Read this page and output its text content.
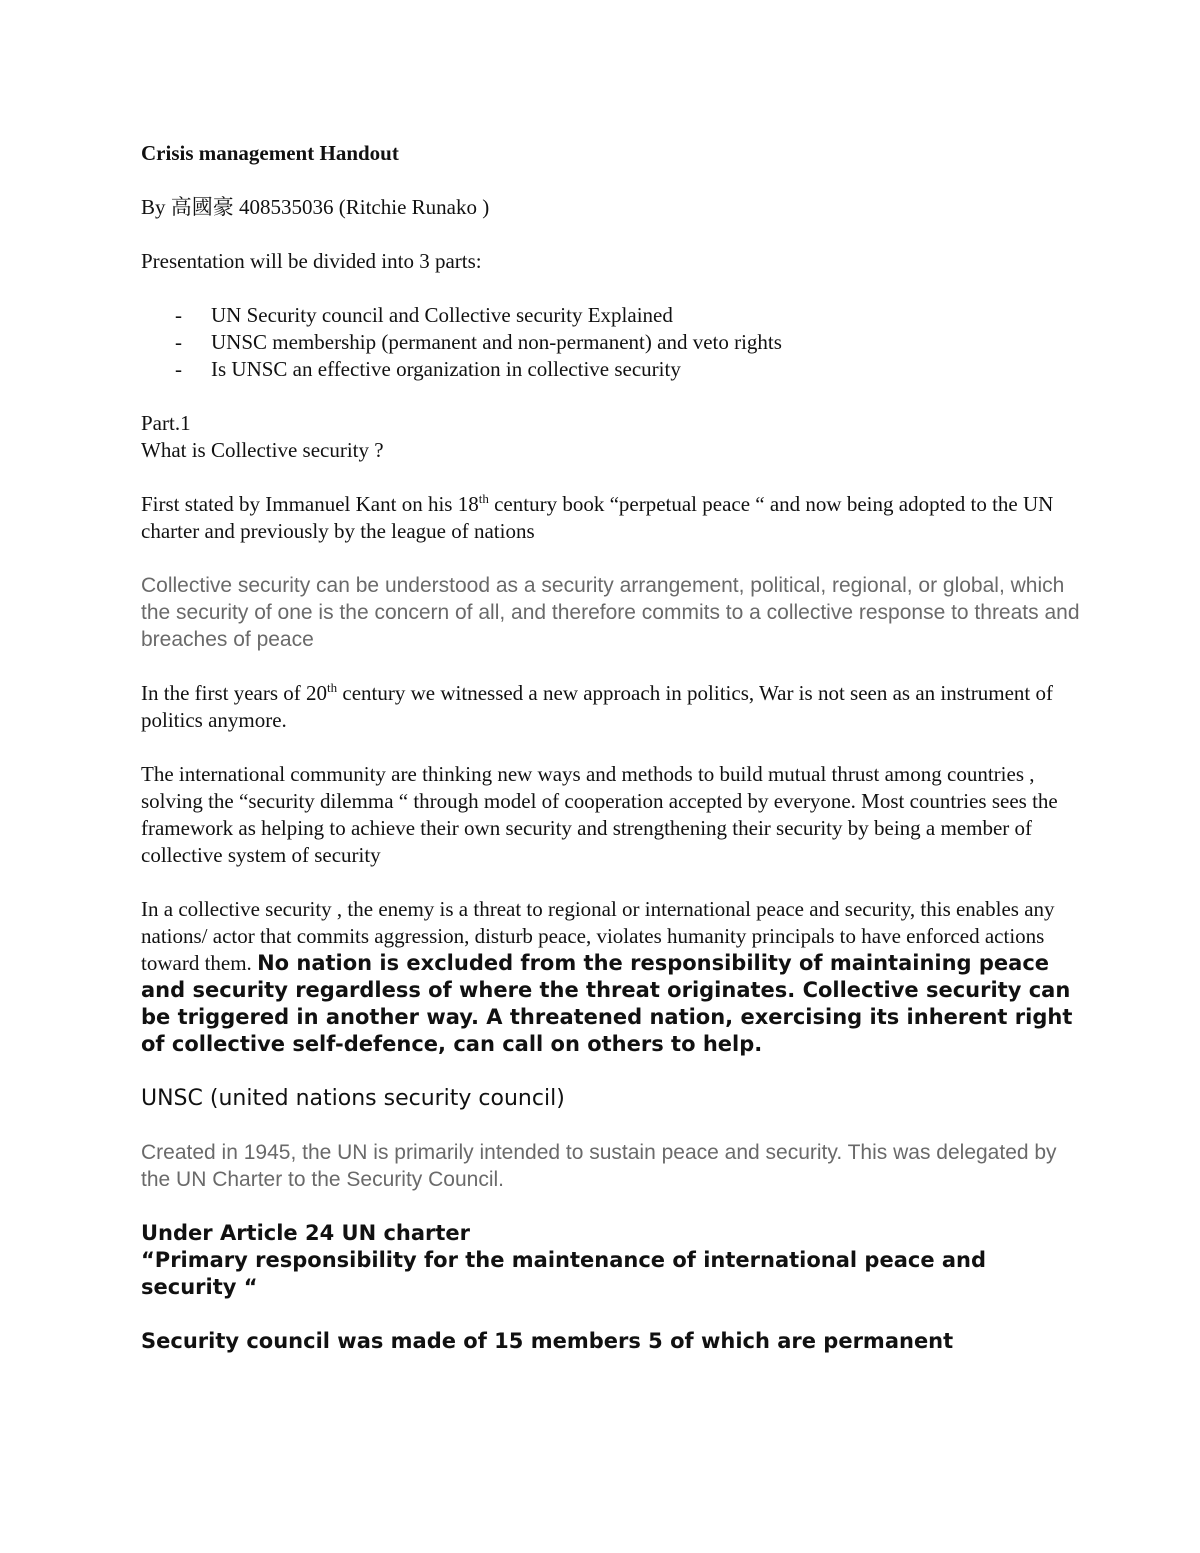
Crisis management Handout

By 高國豪 408535036 (Ritchie Runako )

Presentation will be divided into 3 parts:

- UN Security council and Collective security Explained
- UNSC membership (permanent and non-permanent) and veto rights
- Is UNSC an effective organization in collective security

Part.1

What is Collective security ?

First stated by Immanuel Kant on his 18th century book “perpetual peace “ and now being adopted to the UN charter and previously by the league of nations

Collective security can be understood as a security arrangement, political, regional, or global, which the security of one is the concern of all, and therefore commits to a collective response to threats and breaches of peace

In the first years of 20th century we witnessed a new approach in politics, War is not seen as an instrument of politics anymore.

The international community are thinking new ways and methods to build mutual thrust among countries , solving the “security dilemma “ through model of cooperation accepted by everyone. Most countries sees the framework as helping to achieve their own security and strengthening their security by being a member of collective system of security

In a collective security , the enemy is a threat to regional or international peace and security, this enables any nations/ actor that commits aggression, disturb peace, violates humanity principals to have enforced actions toward them. No nation is excluded from the responsibility of maintaining peace and security regardless of where the threat originates. Collective security can be triggered in another way. A threatened nation, exercising its inherent right of collective self-defence, can call on others to help.

UNSC (united nations security council)

Created in 1945, the UN is primarily intended to sustain peace and security. This was delegated by the UN Charter to the Security Council.

Under Article 24 UN charter

“Primary responsibility for the maintenance of international peace and security “

Security council was made of 15 members 5 of which are permanent
